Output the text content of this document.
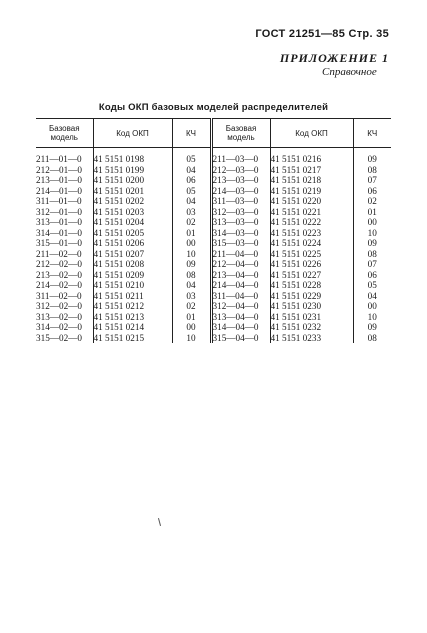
ГОСТ 21251—85 Стр. 35
ПРИЛОЖЕНИЕ 1
Справочное
Коды ОКП базовых моделей распределителей
Базовая модель	Код ОКП	КЧ	Базовая модель	Код ОКП	КЧ

211—01—0	41 5151 0198	05	211—03—0	41 5151 0216	09
212—01—0	41 5151 0199	04	212—03—0	41 5151 0217	08
213—01—0	41 5151 0200	06	213—03—0	41 5151 0218	07
214—01—0	41 5151 0201	05	214—03—0	41 5151 0219	06
311—01—0	41 5151 0202	04	311—03—0	41 5151 0220	02
312—01—0	41 5151 0203	03	312—03—0	41 5151 0221	01
313—01—0	41 5151 0204	02	313—03—0	41 5151 0222	00
314—01—0	41 5151 0205	01	314—03—0	41 5151 0223	10
315—01—0	41 5151 0206	00	315—03—0	41 5151 0224	09
211—02—0	41 5151 0207	10	211—04—0	41 5151 0225	08
212—02—0	41 5151 0208	09	212—04—0	41 5151 0226	07
213—02—0	41 5151 0209	08	213—04—0	41 5151 0227	06
214—02—0	41 5151 0210	04	214—04—0	41 5151 0228	05
311—02—0	41 5151 0211	03	311—04—0	41 5151 0229	04
312—02—0	41 5151 0212	02	312—04—0	41 5151 0230	00
313—02—0	41 5151 0213	01	313—04—0	41 5151 0231	10
314—02—0	41 5151 0214	00	314—04—0	41 5151 0232	09
315—02—0	41 5151 0215	10	315—04—0	41 5151 0233	08
